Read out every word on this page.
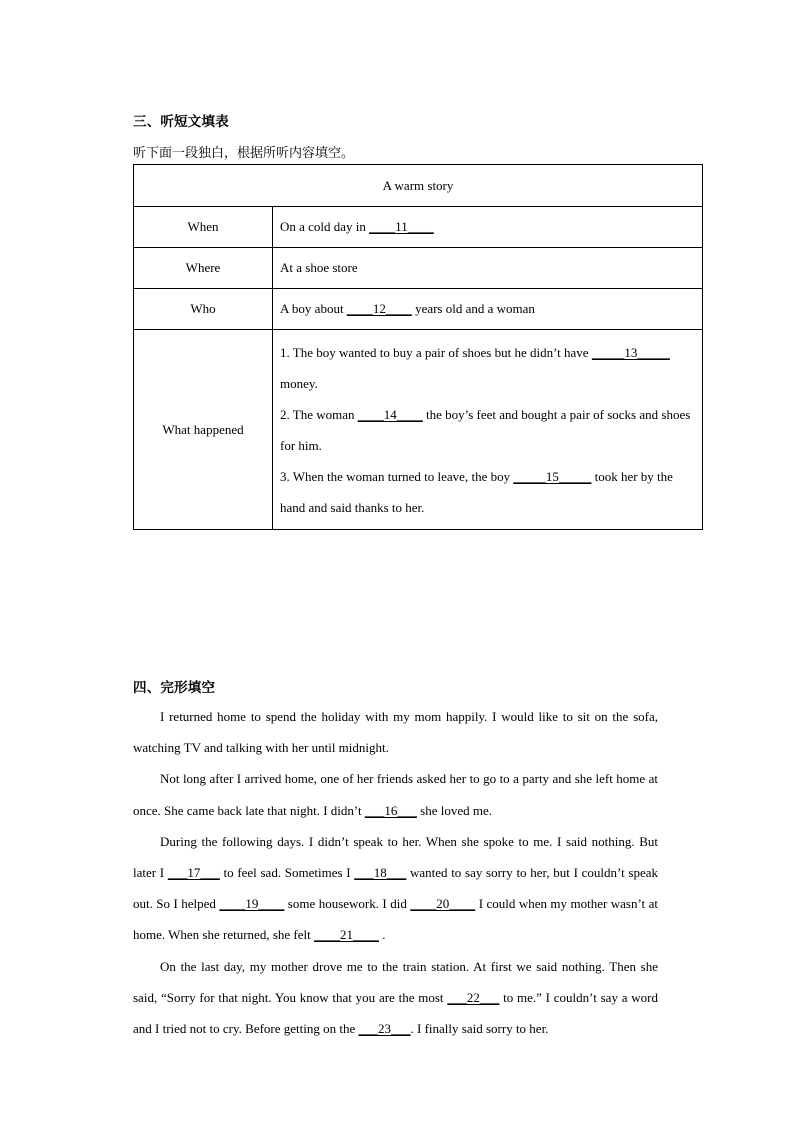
三、听短文填表
听下面一段独白，根据所听内容填空。
A warm story	
When	On a cold day in ____11____
Where	At a shoe store
Who	A boy about ____12____ years old and a woman
What happened	1. The boy wanted to buy a pair of shoes but he didn’t have _____13_____ money.
2. The woman ____14____ the boy’s feet and bought a pair of socks and shoes for him.
3. When the woman turned to leave, the boy _____15_____ took her by the hand and said thanks to her.
四、完形填空

I returned home to spend the holiday with my mom happily. I would like to sit on the sofa, watching TV and talking with her until midnight.

Not long after I arrived home, one of her friends asked her to go to a party and she left home at once. She came back late that night. I didn’t ___16___ she loved me.

During the following days. I didn’t speak to her. When she spoke to me. I said nothing. But later I ___17___ to feel sad. Sometimes I ___18___ wanted to say sorry to her, but I couldn’t speak out. So I helped ____19____ some housework. I did ____20____ I could when my mother wasn’t at home. When she returned, she felt ____21____ .

On the last day, my mother drove me to the train station. At first we said nothing. Then she said, “Sorry for that night. You know that you are the most ___22___ to me.” I couldn’t say a word and I tried not to cry. Before getting on the ___23___. I finally said sorry to her.
